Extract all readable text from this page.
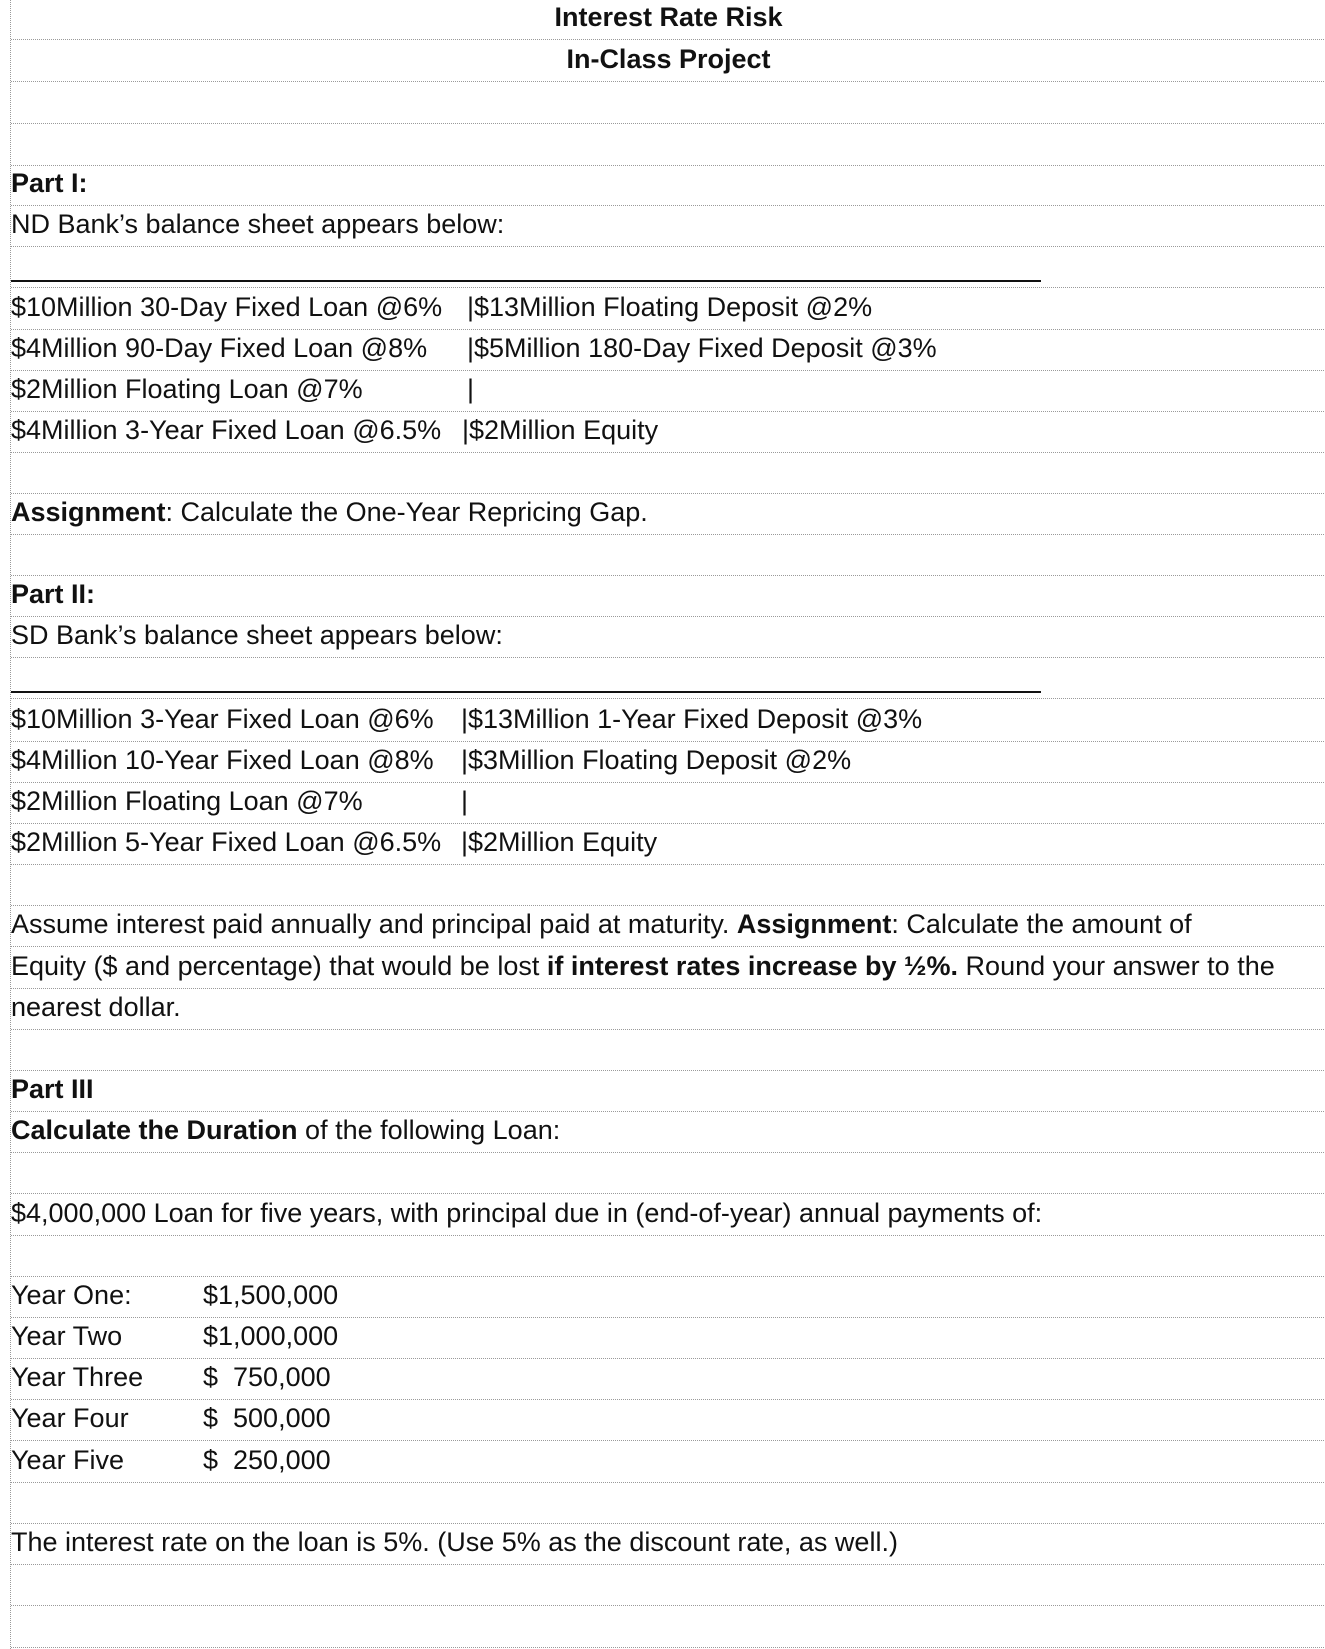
Interest Rate Risk
In-Class Project
Part I:
ND Bank’s balance sheet appears below:
$10Million 30-Day Fixed Loan @6% |$13Million Floating Deposit @2%
$4Million 90-Day Fixed Loan @8% |$5Million 180-Day Fixed Deposit @3%
$2Million Floating Loan @7%	|
$4Million 3-Year Fixed Loan @6.5% |$2Million Equity
Assignment: Calculate the One-Year Repricing Gap.
Part II:
SD Bank’s balance sheet appears below:
$10Million 3-Year Fixed Loan @6% |$13Million 1-Year Fixed Deposit @3%
$4Million 10-Year Fixed Loan @8% |$3Million Floating Deposit @2%
$2Million Floating Loan @7%	|
$2Million 5-Year Fixed Loan @6.5% |$2Million Equity
Assume interest paid annually and principal paid at maturity. Assignment: Calculate the amount of
Equity ($ and percentage) that would be lost if interest rates increase by ½%. Round your answer to the
nearest dollar.
Part III
Calculate the Duration of the following Loan:
$4,000,000 Loan for five years, with principal due in (end-of-year) annual payments of:
Year One:	$1,500,000
Year Two	$1,000,000
Year Three $  750,000
Year Four	$  500,000
Year Five	$  250,000
The interest rate on the loan is 5%. (Use 5% as the discount rate, as well.)
